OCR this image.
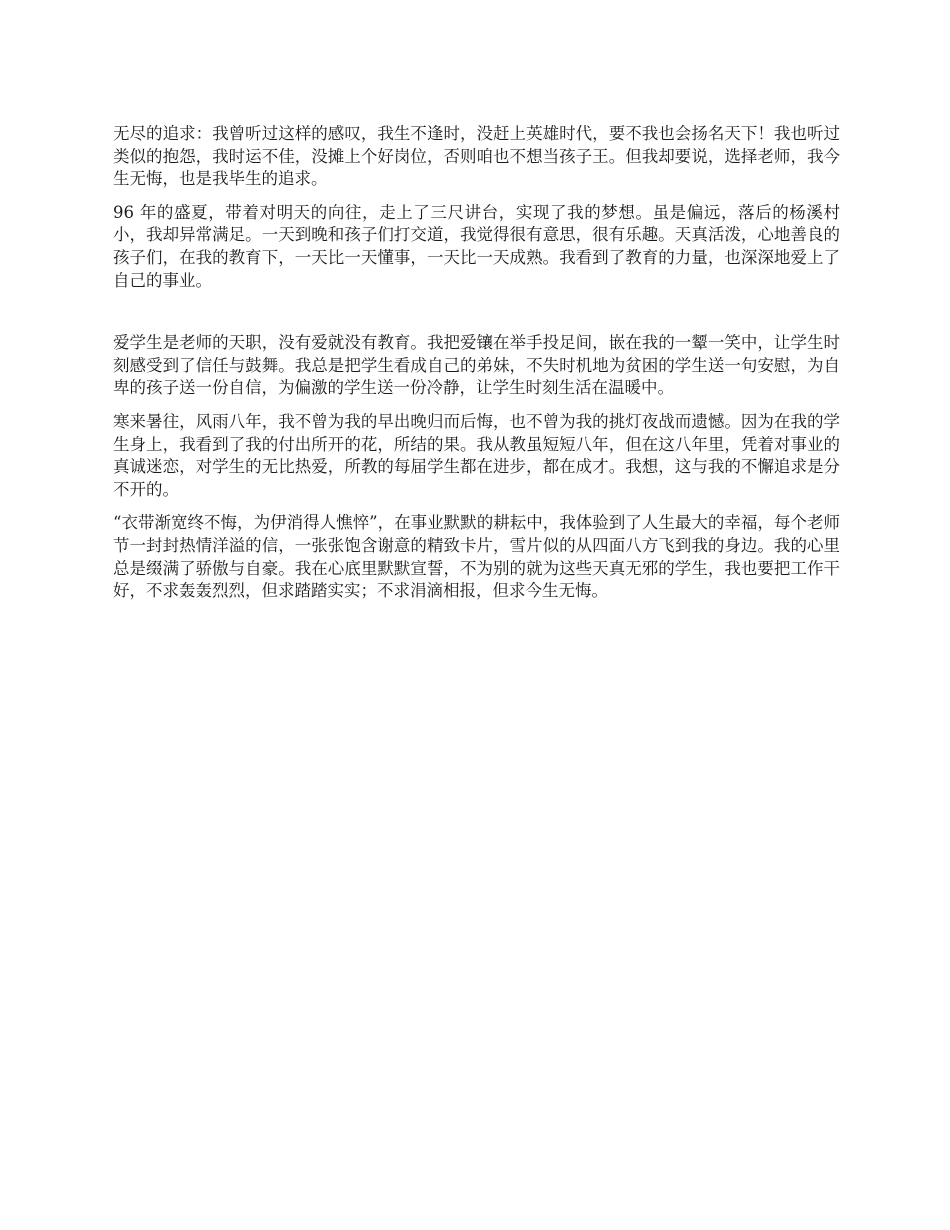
无尽的追求：我曾听过这样的感叹，我生不逢时，没赶上英雄时代，要不我也会扬名天下！我也听过类似的抱怨，我时运不佳，没摊上个好岗位，否则咱也不想当孩子王。但我却要说，选择老师，我今生无悔，也是我毕生的追求。

96 年的盛夏，带着对明天的向往，走上了三尺讲台，实现了我的梦想。虽是偏远，落后的杨溪村小，我却异常满足。一天到晚和孩子们打交道，我觉得很有意思，很有乐趣。天真活泼，心地善良的孩子们，在我的教育下，一天比一天懂事，一天比一天成熟。我看到了教育的力量，也深深地爱上了自己的事业。

爱学生是老师的天职，没有爱就没有教育。我把爱镶在举手投足间，嵌在我的一颦一笑中，让学生时刻感受到了信任与鼓舞。我总是把学生看成自己的弟妹，不失时机地为贫困的学生送一句安慰，为自卑的孩子送一份自信，为偏激的学生送一份冷静，让学生时刻生活在温暖中。

寒来暑往，风雨八年，我不曾为我的早出晚归而后悔，也不曾为我的挑灯夜战而遗憾。因为在我的学生身上，我看到了我的付出所开的花，所结的果。我从教虽短短八年，但在这八年里，凭着对事业的真诚迷恋，对学生的无比热爱，所教的每届学生都在进步，都在成才。我想，这与我的不懈追求是分不开的。

“衣带渐宽终不悔，为伊消得人憔悴”，在事业默默的耕耘中，我体验到了人生最大的幸福，每个老师节一封封热情洋溢的信，一张张饱含谢意的精致卡片，雪片似的从四面八方飞到我的身边。我的心里总是缀满了骄傲与自豪。我在心底里默默宣誓，不为别的就为这些天真无邪的学生，我也要把工作干好，不求轰轰烈烈，但求踏踏实实；不求涓滴相报，但求今生无悔。
